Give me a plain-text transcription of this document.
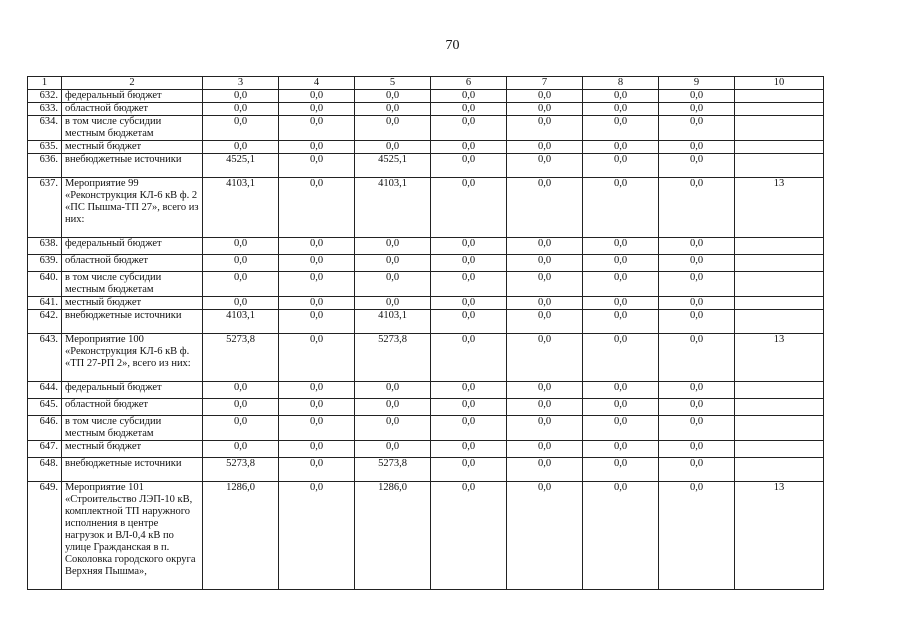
70
1	2	3	4	5	6	7	8	9	10
632.	федеральный бюджет	0,0	0,0	0,0	0,0	0,0	0,0	0,0	
633.	областной бюджет	0,0	0,0	0,0	0,0	0,0	0,0	0,0	
634.	в том числе субсидии местным бюджетам	0,0	0,0	0,0	0,0	0,0	0,0	0,0	
635.	местный бюджет	0,0	0,0	0,0	0,0	0,0	0,0	0,0	
636.	внебюджетные источники	4525,1	0,0	4525,1	0,0	0,0	0,0	0,0	
637.	Мероприятие 99 «Реконструкция КЛ-6 кВ ф. 2 «ПС Пышма-ТП 27», всего из них:	4103,1	0,0	4103,1	0,0	0,0	0,0	0,0	13
638.	федеральный бюджет	0,0	0,0	0,0	0,0	0,0	0,0	0,0	
639.	областной бюджет	0,0	0,0	0,0	0,0	0,0	0,0	0,0	
640.	в том числе субсидии местным бюджетам	0,0	0,0	0,0	0,0	0,0	0,0	0,0	
641.	местный бюджет	0,0	0,0	0,0	0,0	0,0	0,0	0,0	
642.	внебюджетные источники	4103,1	0,0	4103,1	0,0	0,0	0,0	0,0	
643.	Мероприятие 100 «Реконструкция КЛ-6 кВ ф. «ТП 27-РП 2», всего из них:	5273,8	0,0	5273,8	0,0	0,0	0,0	0,0	13
644.	федеральный бюджет	0,0	0,0	0,0	0,0	0,0	0,0	0,0	
645.	областной бюджет	0,0	0,0	0,0	0,0	0,0	0,0	0,0	
646.	в том числе субсидии местным бюджетам	0,0	0,0	0,0	0,0	0,0	0,0	0,0	
647.	местный бюджет	0,0	0,0	0,0	0,0	0,0	0,0	0,0	
648.	внебюджетные источники	5273,8	0,0	5273,8	0,0	0,0	0,0	0,0	
649.	Мероприятие 101 «Строительство ЛЭП-10 кВ, комплектной ТП наружного исполнения в центре нагрузок и ВЛ-0,4 кВ по улице Гражданская в п. Соколовка городского округа Верхняя Пышма»,	1286,0	0,0	1286,0	0,0	0,0	0,0	0,0	13
